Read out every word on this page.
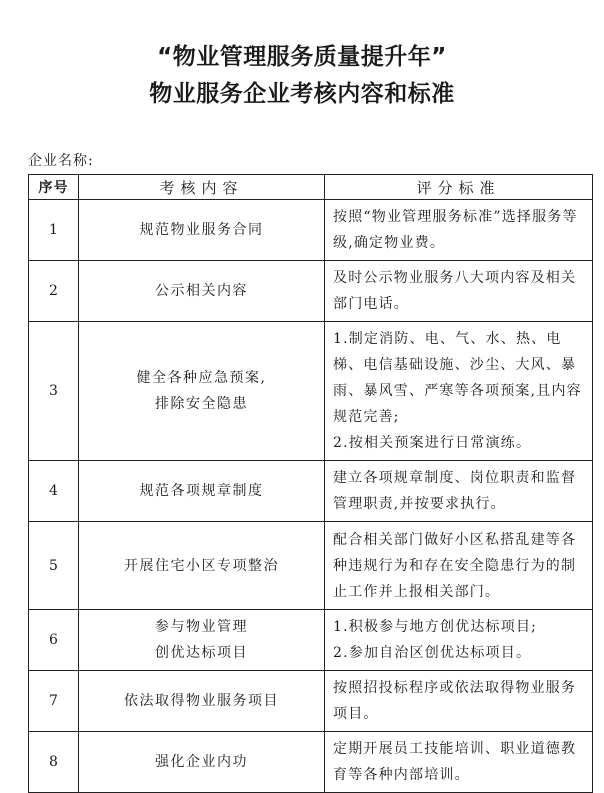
“物业管理服务质量提升年”
物业服务企业考核内容和标准
企业名称:
序号	考核内容	评分标准
1	规范物业服务合同	按照“物业管理服务标准”选择服务等级,确定物业费。

2	公示相关内容	及时公示物业服务八大项内容及相关部门电话。

3	健全各种应急预案,
排除安全隐患	1.制定消防、电、气、水、热、电梯、电信基础设施、沙尘、大风、暴雨、暴风雪、严寒等各项预案,且内容规范完善;
2.按相关预案进行日常演练。

4	规范各项规章制度	建立各项规章制度、岗位职责和监督管理职责,并按要求执行。

5	开展住宅小区专项整治	配合相关部门做好小区私搭乱建等各种违规行为和存在安全隐患行为的制止工作并上报相关部门。

6	参与物业管理
创优达标项目	1.积极参与地方创优达标项目;
2.参加自治区创优达标项目。

7	依法取得物业服务项目	按照招投标程序或依法取得物业服务项目。

8	强化企业内功	定期开展员工技能培训、职业道德教育等各种内部培训。
